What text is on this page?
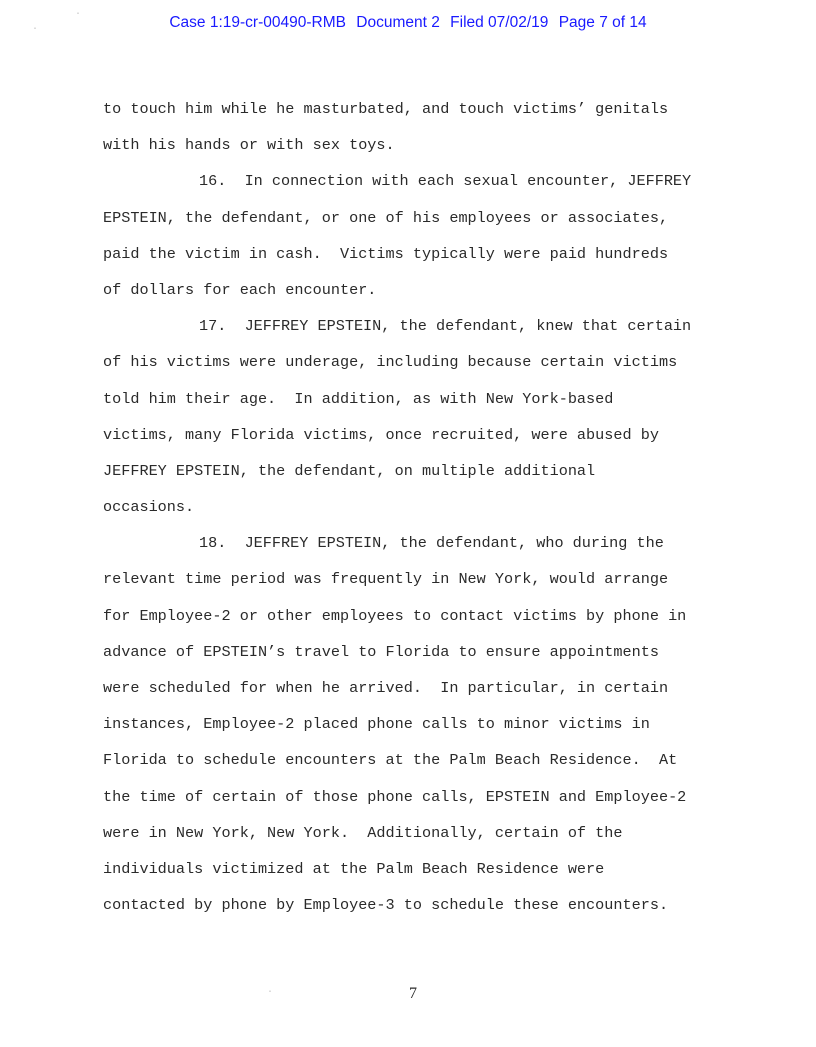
Case 1:19-cr-00490-RMB Document 2 Filed 07/02/19 Page 7 of 14
˙
˙
˙
to touch him while he masturbated, and touch victims’ genitals
with his hands or with sex toys.
16.  In connection with each sexual encounter, JEFFREY
EPSTEIN, the defendant, or one of his employees or associates,
paid the victim in cash.  Victims typically were paid hundreds
of dollars for each encounter.
17.  JEFFREY EPSTEIN, the defendant, knew that certain
of his victims were underage, including because certain victims
told him their age.  In addition, as with New York-based
victims, many Florida victims, once recruited, were abused by
JEFFREY EPSTEIN, the defendant, on multiple additional
occasions.
18.  JEFFREY EPSTEIN, the defendant, who during the
relevant time period was frequently in New York, would arrange
for Employee-2 or other employees to contact victims by phone in
advance of EPSTEIN’s travel to Florida to ensure appointments
were scheduled for when he arrived.  In particular, in certain
instances, Employee-2 placed phone calls to minor victims in
Florida to schedule encounters at the Palm Beach Residence.  At
the time of certain of those phone calls, EPSTEIN and Employee-2
were in New York, New York.  Additionally, certain of the
individuals victimized at the Palm Beach Residence were
contacted by phone by Employee-3 to schedule these encounters.
7
